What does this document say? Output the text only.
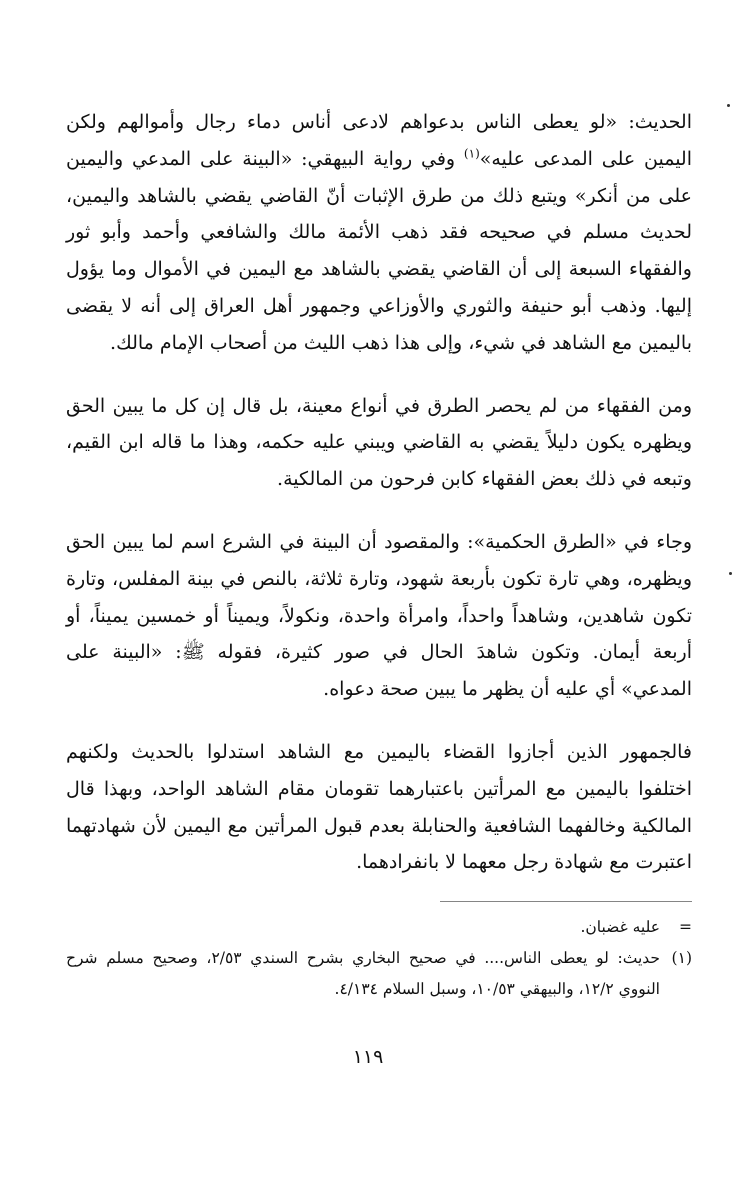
الحديث: «لو يعطى الناس بدعواهم لادعى أناس دماء رجال وأموالهم ولكن اليمين على المدعى عليه»$^{(١)}$ وفي رواية البيهقي: «البينة على المدعي واليمين على من أنكر» ويتبع ذلك من طرق الإثبات أنّ القاضي يقضي بالشاهد واليمين، لحديث مسلم في صحيحه فقد ذهب الأئمة مالك والشافعي وأحمد وأبو ثور والفقهاء السبعة إلى أن القاضي يقضي بالشاهد مع اليمين في الأموال وما يؤول إليها. وذهب أبو حنيفة والثوري والأوزاعي وجمهور أهل العراق إلى أنه لا يقضى باليمين مع الشاهد في شيء، وإلى هذا ذهب الليث من أصحاب الإمام مالك.

ومن الفقهاء من لم يحصر الطرق في أنواع معينة، بل قال إن كل ما يبين الحق ويظهره يكون دليلاً يقضي به القاضي ويبني عليه حكمه، وهذا ما قاله ابن القيم، وتبعه في ذلك بعض الفقهاء كابن فرحون من المالكية.

وجاء في «الطرق الحكمية»: والمقصود أن البينة في الشرع اسم لما يبين الحق ويظهره، وهي تارة تكون بأربعة شهود، وتارة ثلاثة، بالنص في بينة المفلس، وتارة تكون شاهدين، وشاهداً واحداً، وامرأة واحدة، ونكولاً، ويميناً أو خمسين يميناً، أو أربعة أيمان. وتكون شاهدَ الحال في صور كثيرة، فقوله ﷺ: «البينة على المدعي» أي عليه أن يظهر ما يبين صحة دعواه.

فالجمهور الذين أجازوا القضاء باليمين مع الشاهد استدلوا بالحديث ولكنهم اختلفوا باليمين مع المرأتين باعتبارهما تقومان مقام الشاهد الواحد، وبهذا قال المالكية وخالفهما الشافعية والحنابلة بعدم قبول المرأتين مع اليمين لأن شهادتهما اعتبرت مع شهادة رجل معهما لا بانفرادهما.

=
عليه غضبان.

(١)
حديث: لو يعطى الناس.... في صحيح البخاري بشرح السندي ٢/٥٣، وصحيح مسلم شرح النووي ١٢/٢، والبيهقي ١٠/٥٣، وسبل السلام ٤/١٣٤.

١١٩
